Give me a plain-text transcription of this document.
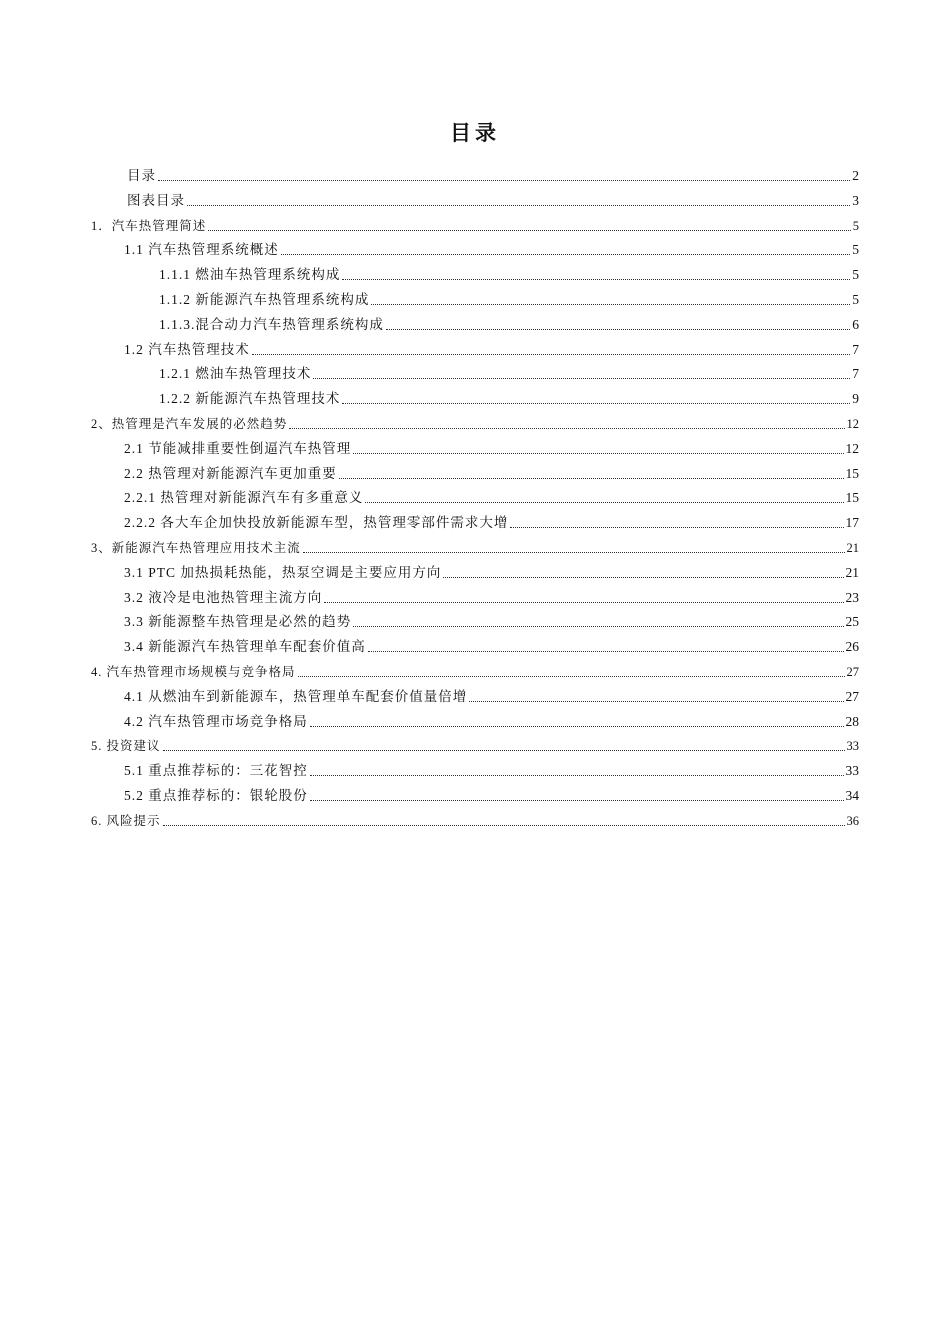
目录
目录	2
图表目录	3
1．汽车热管理简述	5
1.1 汽车热管理系统概述	5
1.1.1 燃油车热管理系统构成	5
1.1.2 新能源汽车热管理系统构成	5
1.1.3.混合动力汽车热管理系统构成	6
1.2 汽车热管理技术	7
1.2.1 燃油车热管理技术	7
1.2.2 新能源汽车热管理技术	9
2、热管理是汽车发展的必然趋势	12
2.1 节能减排重要性倒逼汽车热管理	12
2.2 热管理对新能源汽车更加重要	15
2.2.1 热管理对新能源汽车有多重意义	15
2.2.2 各大车企加快投放新能源车型，热管理零部件需求大增	17
3、新能源汽车热管理应用技术主流	21
3.1 PTC 加热损耗热能，热泵空调是主要应用方向	21
3.2 液冷是电池热管理主流方向	23
3.3 新能源整车热管理是必然的趋势	25
3.4 新能源汽车热管理单车配套价值高	26
4. 汽车热管理市场规模与竞争格局	27
4.1 从燃油车到新能源车，热管理单车配套价值量倍增	27
4.2 汽车热管理市场竞争格局	28
5. 投资建议	33
5.1 重点推荐标的：三花智控	33
5.2 重点推荐标的：银轮股份	34
6. 风险提示	36
